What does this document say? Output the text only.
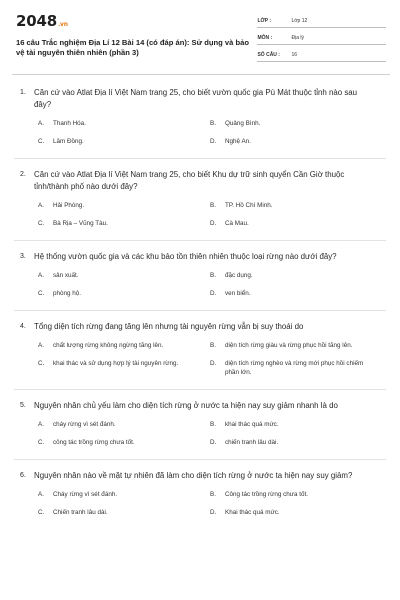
2048.vn
16 câu Trắc nghiệm Địa Lí 12 Bài 14 (có đáp án): Sử dụng và bảo vệ tài nguyên thiên nhiên (phần 3)
LỚP :	Lớp 12
MÔN :	Địa lý
SỐ CÂU :	16
1.	Căn cứ vào Atlat Địa lí Việt Nam trang 25, cho biết vườn quốc gia Pù Mát thuộc tỉnh nào sau đây?
A.	Thanh Hóa.	B.	Quảng Bình.
C.	Lâm Đồng.	D.	Nghệ An.
2.	Căn cứ vào Atlat Địa lí Việt Nam trang 25, cho biết Khu dự trữ sinh quyển Cần Giờ thuộc tỉnh/thành phố nào dưới đây?
A.	Hải Phòng.	B.	TP. Hồ Chí Minh.
C.	Bà Rịa – Vũng Tàu.	D.	Cà Mau.
3.	Hệ thống vườn quốc gia và các khu bảo tồn thiên nhiên thuộc loại rừng nào dưới đây?
A.	sản xuất.	B.	đặc dụng.
C.	phòng hộ.	D.	ven biển.
4.	Tổng diện tích rừng đang tăng lên nhưng tài nguyên rừng vẫn bị suy thoái do
A.	chất lượng rừng không ngừng tăng lên.	B.	diện tích rừng giàu và rừng phục hồi tăng lên.
C.	khai thác và sử dụng hợp lý tài nguyên rừng.	D.	diện tích rừng nghèo và rừng mới phục hồi chiếm phần lớn.
5.	Nguyên nhân chủ yếu làm cho diện tích rừng ở nước ta hiện nay suy giảm nhanh là do
A.	cháy rừng vì sét đánh.	B.	khai thác quá mức.
C.	công tác trồng rừng chưa tốt.	D.	chiến tranh lâu dài.
6.	Nguyên nhân nào về mặt tự nhiên đã làm cho diện tích rừng ở nước ta hiện nay suy giảm?
A.	Cháy rừng vì sét đánh.	B.	Công tác trồng rừng chưa tốt.
C.	Chiến tranh lâu dài.	D.	Khai thác quá mức.
